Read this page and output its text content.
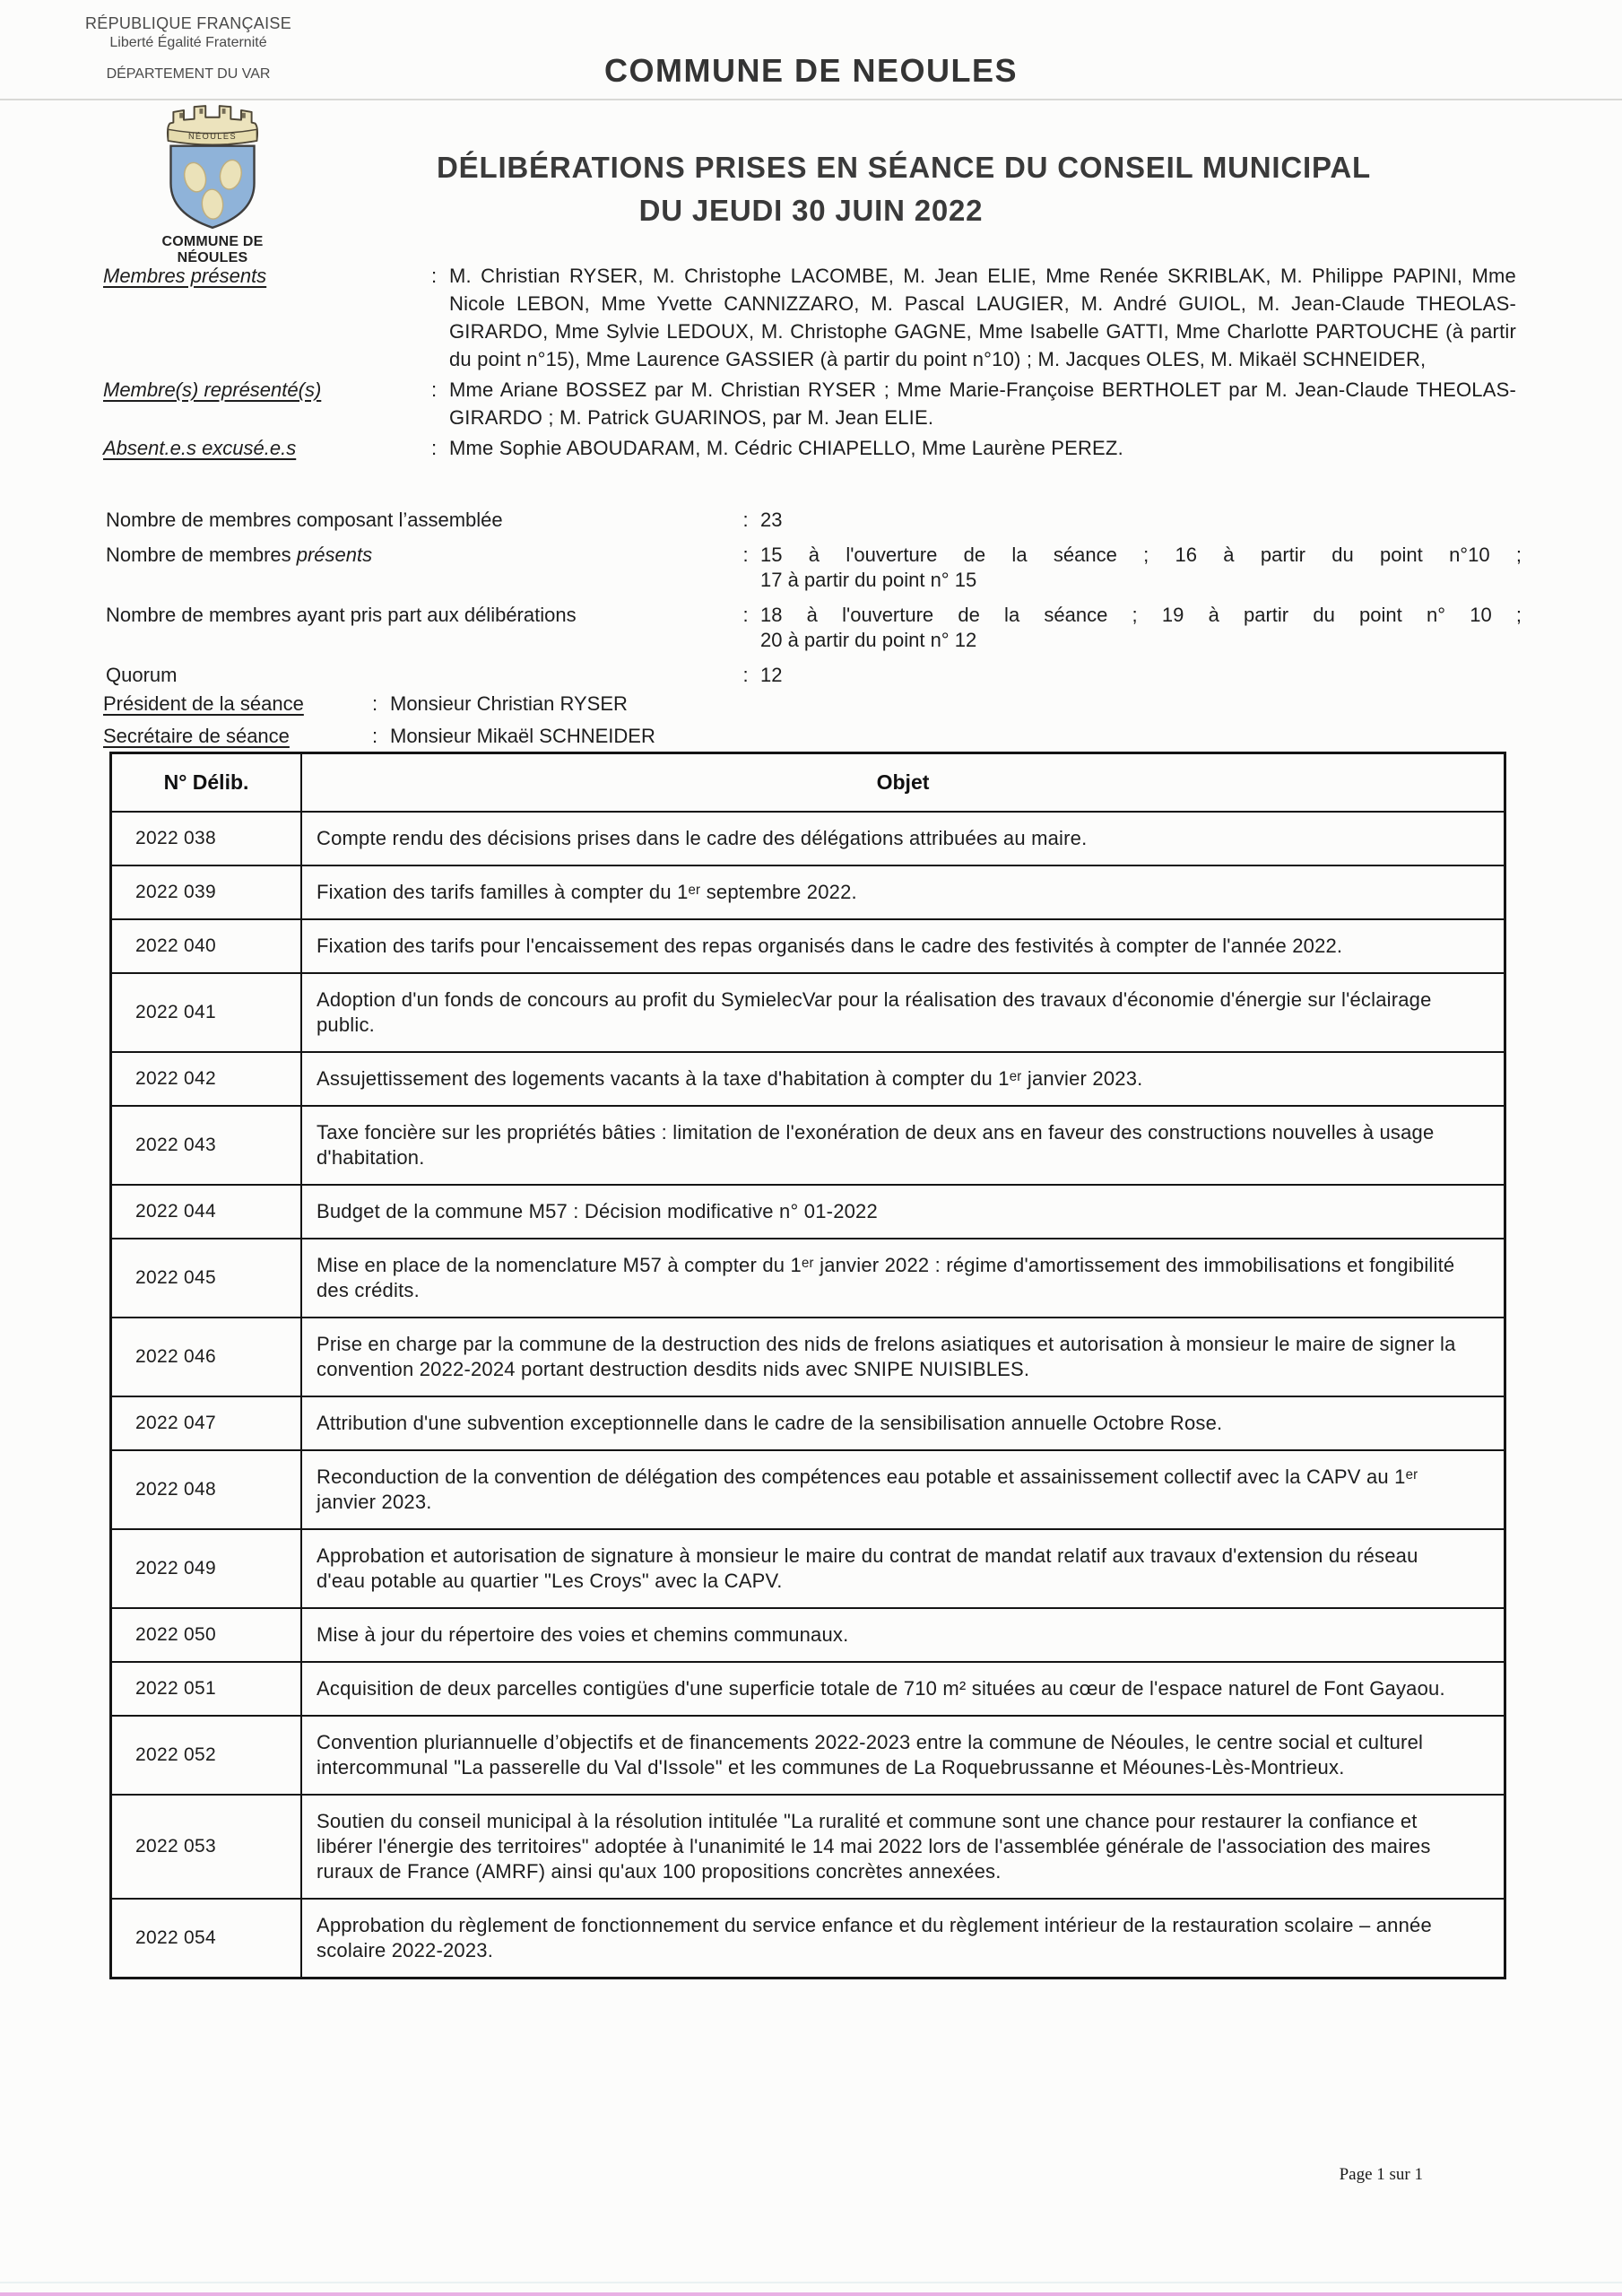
RÉPUBLIQUE FRANÇAISE
Liberté Égalité Fraternité
DÉPARTEMENT DU VAR
NÉOULES
COMMUNE DE NÉOULES
COMMUNE DE NEOULES
DÉLIBÉRATIONS PRISES EN SÉANCE DU CONSEIL MUNICIPAL
DU JEUDI 30 JUIN 2022
Membres présents	: M. Christian RYSER, M. Christophe LACOMBE, M. Jean ELIE, Mme Renée SKRIBLAK, M. Philippe PAPINI, Mme Nicole LEBON, Mme Yvette CANNIZZARO, M. Pascal LAUGIER, M. André GUIOL, M. Jean-Claude THEOLAS-GIRARDO, Mme Sylvie LEDOUX, M. Christophe GAGNE, Mme Isabelle GATTI, Mme Charlotte PARTOUCHE (à partir du point n°15), Mme Laurence GASSIER (à partir du point n°10) ; M. Jacques OLES, M. Mikaël SCHNEIDER,
Membre(s) représenté(s)	: Mme Ariane BOSSEZ par M. Christian RYSER ; Mme Marie-Françoise BERTHOLET par M. Jean-Claude THEOLAS-GIRARDO ; M. Patrick GUARINOS, par M. Jean ELIE.
Absent.e.s excusé.e.s	: Mme Sophie ABOUDARAM, M. Cédric CHIAPELLO, Mme Laurène PEREZ.
Nombre de membres composant l’assemblée	: 23
Nombre de membres présents	: 15 à l'ouverture de la séance ; 16 à partir du point n°10 ;
17 à partir du point n° 15
Nombre de membres ayant pris part aux délibérations	: 18 à l'ouverture de la séance ; 19 à partir du point n° 10 ;
20 à partir du point n° 12
Quorum	: 12
Président de la séance	: Monsieur Christian RYSER
Secrétaire de séance	: Monsieur Mikaël SCHNEIDER
N° Délib.	Objet
2022 038	Compte rendu des décisions prises dans le cadre des délégations attribuées au maire.
2022 039	Fixation des tarifs familles à compter du 1ᵉʳ septembre 2022.
2022 040	Fixation des tarifs pour l'encaissement des repas organisés dans le cadre des festivités à compter de l'année 2022.
2022 041	Adoption d'un fonds de concours au profit du SymielecVar pour la réalisation des travaux d'économie d'énergie sur l'éclairage public.
2022 042	Assujettissement des logements vacants à la taxe d'habitation à compter du 1ᵉʳ janvier 2023.
2022 043	Taxe foncière sur les propriétés bâties : limitation de l'exonération de deux ans en faveur des constructions nouvelles à usage d'habitation.
2022 044	Budget de la commune M57 : Décision modificative n° 01-2022
2022 045	Mise en place de la nomenclature M57 à compter du 1ᵉʳ janvier 2022 : régime d'amortissement des immobilisations et fongibilité des crédits.
2022 046	Prise en charge par la commune de la destruction des nids de frelons asiatiques et autorisation à monsieur le maire de signer la convention 2022-2024 portant destruction desdits nids avec SNIPE NUISIBLES.
2022 047	Attribution d'une subvention exceptionnelle dans le cadre de la sensibilisation annuelle Octobre Rose.
2022 048	Reconduction de la convention de délégation des compétences eau potable et assainissement collectif avec la CAPV au 1ᵉʳ janvier 2023.
2022 049	Approbation et autorisation de signature à monsieur le maire du contrat de mandat relatif aux travaux d'extension du réseau d'eau potable au quartier "Les Croys" avec la CAPV.
2022 050	Mise à jour du répertoire des voies et chemins communaux.
2022 051	Acquisition de deux parcelles contigües d'une superficie totale de 710 m² situées au cœur de l'espace naturel de Font Gayaou.
2022 052	Convention pluriannuelle d’objectifs et de financements 2022-2023 entre la commune de Néoules, le centre social et culturel intercommunal "La passerelle du Val d'Issole" et les communes de La Roquebrussanne et Méounes-Lès-Montrieux.
2022 053	Soutien du conseil municipal à la résolution intitulée "La ruralité et commune sont une chance pour restaurer la confiance et libérer l'énergie des territoires" adoptée à l'unanimité le 14 mai 2022 lors de l'assemblée générale de l'association des maires ruraux de France (AMRF) ainsi qu'aux 100 propositions concrètes annexées.
2022 054	Approbation du règlement de fonctionnement du service enfance et du règlement intérieur de la restauration scolaire – année scolaire 2022-2023.
Page 1 sur 1
